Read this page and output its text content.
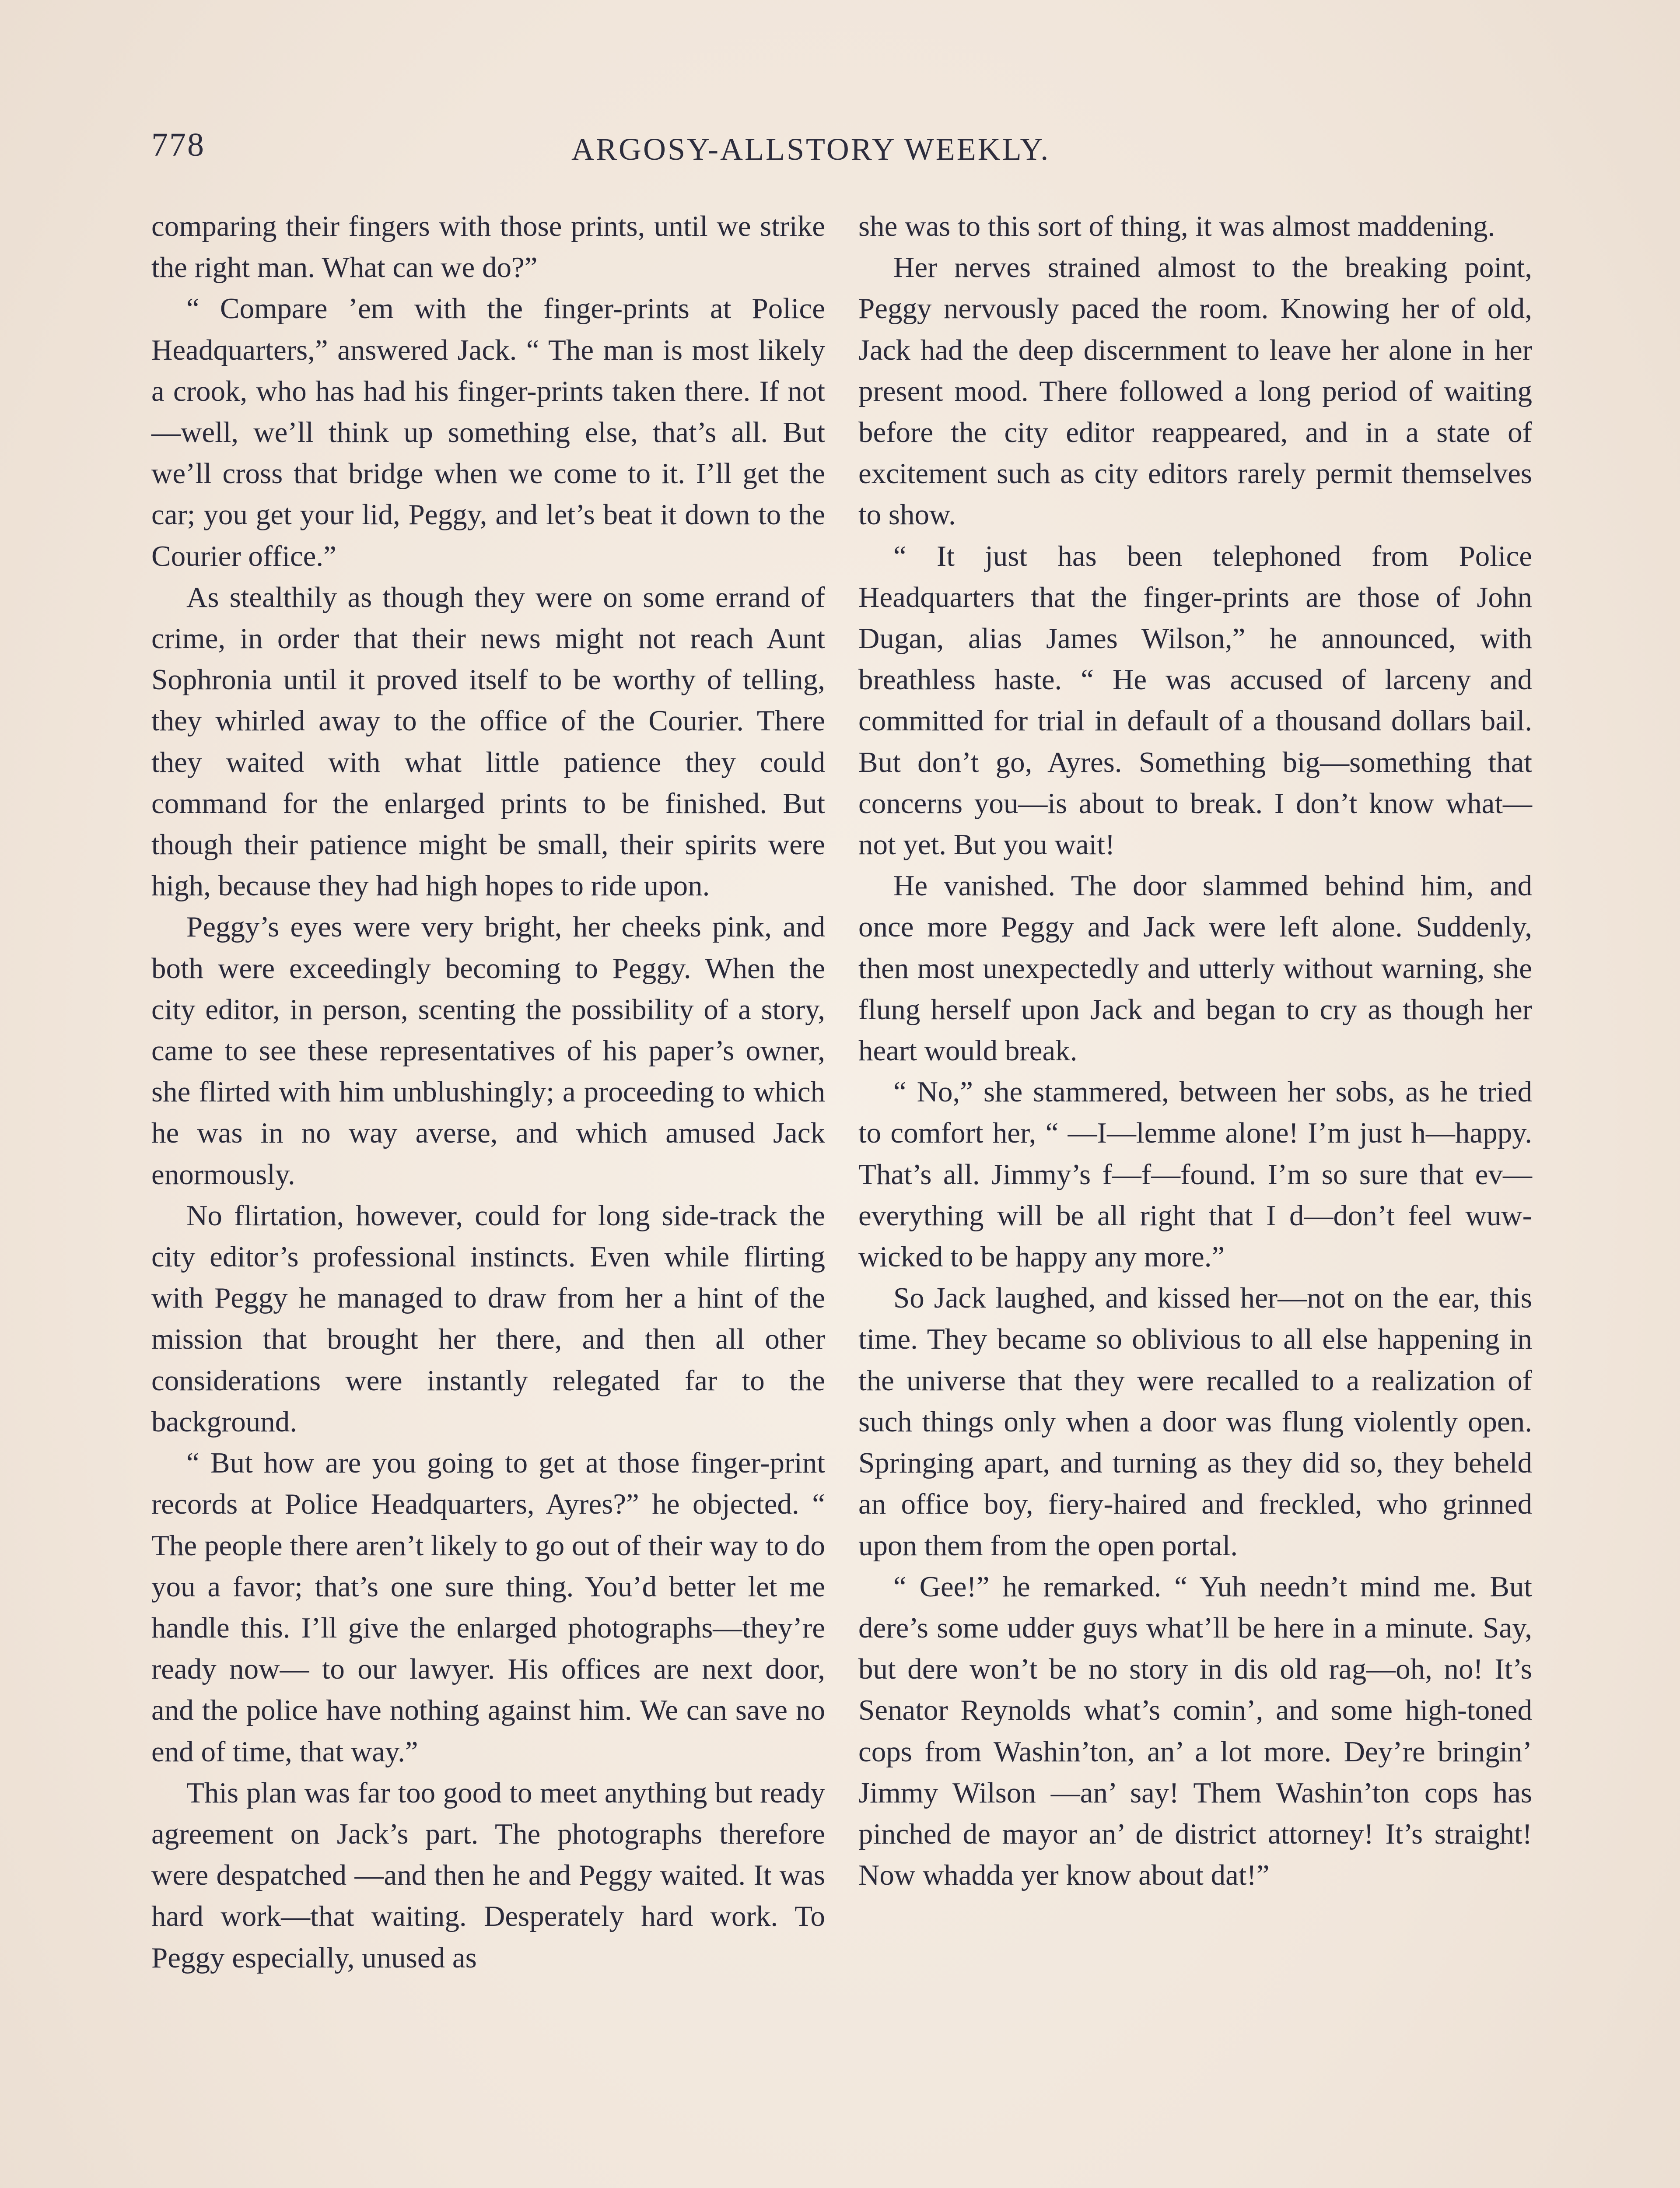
778	ARGOSY-ALLSTORY WEEKLY.

comparing their fingers with those prints, until we strike the right man. What can we do?”

“ Compare ’em with the finger-prints at Police Headquarters,” answered Jack. “ The man is most likely a crook, who has had his finger-prints taken there. If not—well, we’ll think up something else, that’s all. But we’ll cross that bridge when we come to it. I’ll get the car; you get your lid, Peggy, and let’s beat it down to the Courier office.”

As stealthily as though they were on some errand of crime, in order that their news might not reach Aunt Sophronia until it proved itself to be worthy of telling, they whirled away to the office of the Courier. There they waited with what little patience they could command for the enlarged prints to be finished. But though their patience might be small, their spirits were high, because they had high hopes to ride upon.

Peggy’s eyes were very bright, her cheeks pink, and both were exceedingly becoming to Peggy. When the city editor, in person, scenting the possibility of a story, came to see these representatives of his paper’s owner, she flirted with him unblushingly; a proceeding to which he was in no way averse, and which amused Jack enormously.

No flirtation, however, could for long side-track the city editor’s professional instincts. Even while flirting with Peggy he managed to draw from her a hint of the mission that brought her there, and then all other considerations were instantly relegated far to the background.

“ But how are you going to get at those finger-print records at Police Headquarters, Ayres?” he objected. “ The people there aren’t likely to go out of their way to do you a favor; that’s one sure thing. You’d better let me handle this. I’ll give the enlarged photographs—they’re ready now— to our lawyer. His offices are next door, and the police have nothing against him. We can save no end of time, that way.”

This plan was far too good to meet anything but ready agreement on Jack’s part. The photographs therefore were despatched —and then he and Peggy waited. It was hard work—that waiting. Desperately hard work. To Peggy especially, unused as

she was to this sort of thing, it was almost maddening.

Her nerves strained almost to the breaking point, Peggy nervously paced the room. Knowing her of old, Jack had the deep discernment to leave her alone in her present mood. There followed a long period of waiting before the city editor reappeared, and in a state of excitement such as city editors rarely permit themselves to show.

“ It just has been telephoned from Police Headquarters that the finger-prints are those of John Dugan, alias James Wilson,” he announced, with breathless haste. “ He was accused of larceny and committed for trial in default of a thousand dollars bail. But don’t go, Ayres. Something big—something that concerns you—is about to break. I don’t know what—not yet. But you wait!

He vanished. The door slammed behind him, and once more Peggy and Jack were left alone. Suddenly, then most unexpectedly and utterly without warning, she flung herself upon Jack and began to cry as though her heart would break.

“ No,” she stammered, between her sobs, as he tried to comfort her, “ —I—lemme alone! I’m just h—happy. That’s all. Jimmy’s f—f—found. I’m so sure that ev—everything will be all right that I d—don’t feel wuw-wicked to be happy any more.”

So Jack laughed, and kissed her—not on the ear, this time. They became so oblivious to all else happening in the universe that they were recalled to a realization of such things only when a door was flung violently open. Springing apart, and turning as they did so, they beheld an office boy, fiery-haired and freckled, who grinned upon them from the open portal.

“ Gee!” he remarked. “ Yuh needn’t mind me. But dere’s some udder guys what’ll be here in a minute. Say, but dere won’t be no story in dis old rag—oh, no! It’s Senator Reynolds what’s comin’, and some high-toned cops from Washin’ton, an’ a lot more. Dey’re bringin’ Jimmy Wilson —an’ say! Them Washin’ton cops has pinched de mayor an’ de district attorney! It’s straight! Now whadda yer know about dat!”
